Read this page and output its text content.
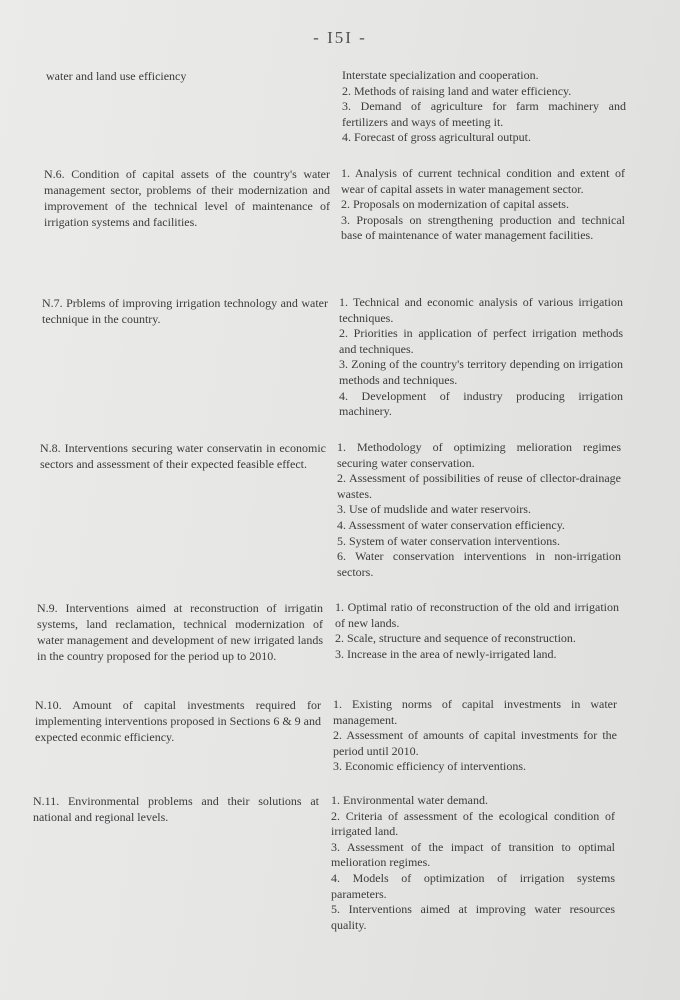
- I5I -
water and land use efficiency	Interstate specialization and cooperation.
2. Methods of raising land and water efficiency.
3. Demand of agriculture for farm machinery and fertilizers and ways of meeting it.
4. Forecast of gross agricultural output.
N.6. Condition of capital assets of the country's water management sector, problems of their modernization and improvement of the technical level of maintenance of irrigation systems and facilities.
1. Analysis of current technical condition and extent of wear of capital assets in water management sector.
2. Proposals on modernization of capital assets.
3. Proposals on strengthening production and technical base of maintenance of water management facilities.
N.7. Prblems of improving irrigation technology and water technique in the country.
1. Technical and economic analysis of various irrigation techniques.
2. Priorities in application of perfect irrigation methods and techniques.
3. Zoning of the country's territory depending on irrigation methods and techniques.
4. Development of industry producing irrigation machinery.
N.8. Interventions securing water conservatin in economic sectors and assessment of their expected feasible effect.
1. Methodology of optimizing melioration regimes securing water conservation.
2. Assessment of possibilities of reuse of cllector-drainage wastes.
3. Use of mudslide and water reservoirs.
4. Assessment of water conservation efficiency.
5. System of water conservation interventions.
6. Water conservation interventions in non-irrigation sectors.
N.9. Interventions aimed at reconstruction of irrigatin systems, land reclamation, technical modernization of water management and development of new irrigated lands in the country proposed for the period up to 2010.
1. Optimal ratio of reconstruction of the old and irrigation of new lands.
2. Scale, structure and sequence of reconstruction.
3. Increase in the area of newly-irrigated land.
N.10. Amount of capital investments required for implementing interventions proposed in Sections 6 & 9 and expected econmic efficiency.
1. Existing norms of capital investments in water management.
2. Assessment of amounts of capital investments for the period until 2010.
3. Economic efficiency of interventions.
N.11. Environmental problems and their solutions at national and regional levels.
1. Environmental water demand.
2. Criteria of assessment of the ecological condition of irrigated land.
3. Assessment of the impact of transition to optimal melioration regimes.
4. Models of optimization of irrigation systems parameters.
5. Interventions aimed at improving water resources quality.
